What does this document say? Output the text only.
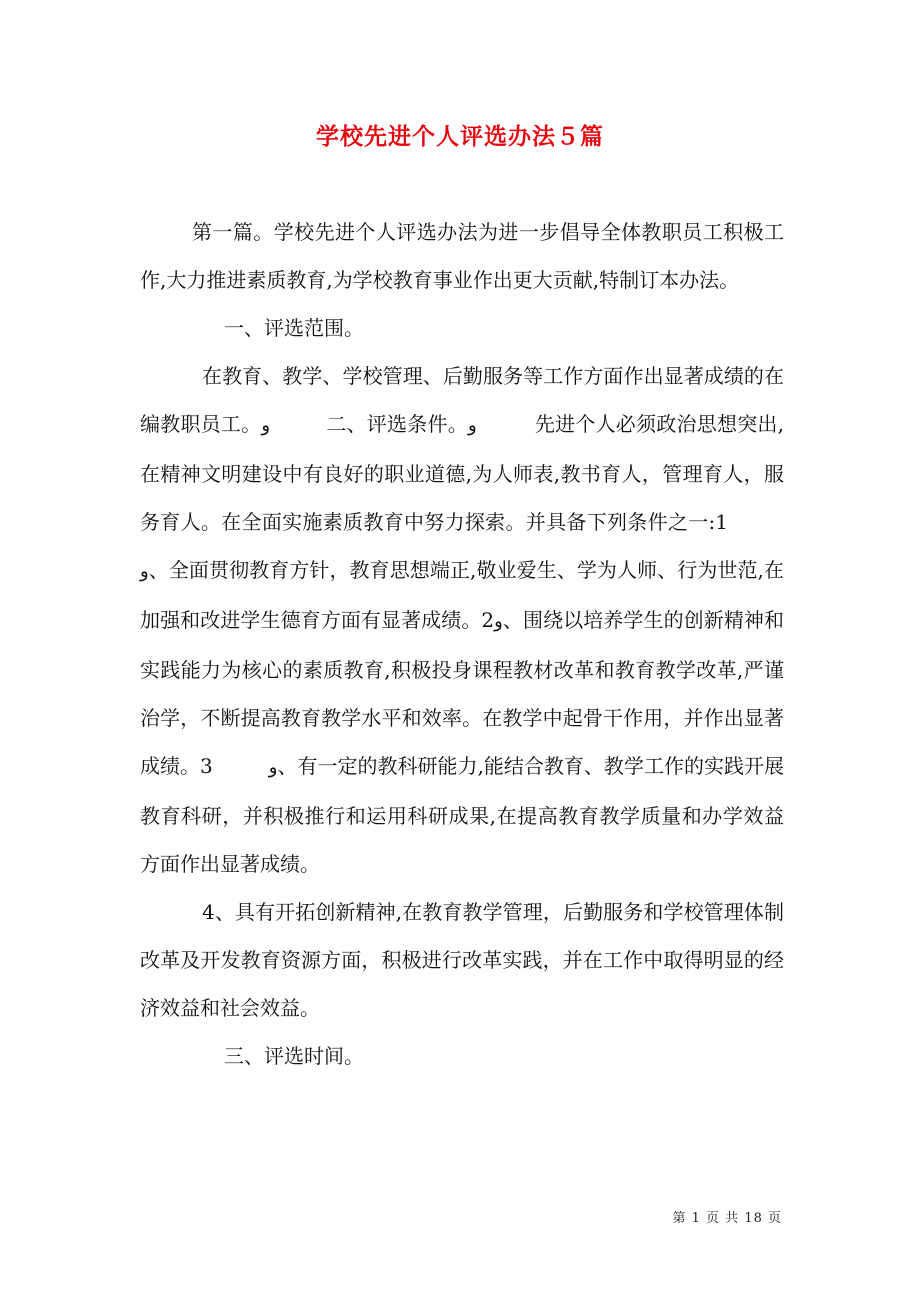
学校先进个人评选办法５篇

第一篇。学校先进个人评选办法为进一步倡导全体教职员工积极工作,大力推进素质教育,为学校教育事业作出更大贡献,特制订本办法。

一、评选范围。

在教育、教学、学校管理、后勤服务等工作方面作出显著成绩的在编教职员工。و	二、评选条件。و	先进个人必须政治思想突出,在精神文明建设中有良好的职业道德,为人师表,教书育人，管理育人，服务育人。在全面实施素质教育中努力探索。并具备下列条件之一:1و、全面贯彻教育方针，教育思想端正,敬业爱生、学为人师、行为世范,在加强和改进学生德育方面有显著成绩。 و2、围绕以培养学生的创新精神和实践能力为核心的素质教育,积极投身课程教材改革和教育教学改革,严谨治学，不断提高教育教学水平和效率。在教学中起骨干作用，并作出显著成绩。3	و、有一定的教科研能力,能结合教育、教学工作的实践开展教育科研，并积极推行和运用科研成果,在提高教育教学质量和办学效益方面作出显著成绩。

4、具有开拓创新精神,在教育教学管理，后勤服务和学校管理体制改革及开发教育资源方面，积极进行改革实践，并在工作中取得明显的经济效益和社会效益。

三、评选时间。

第 1 页 共 18 页
